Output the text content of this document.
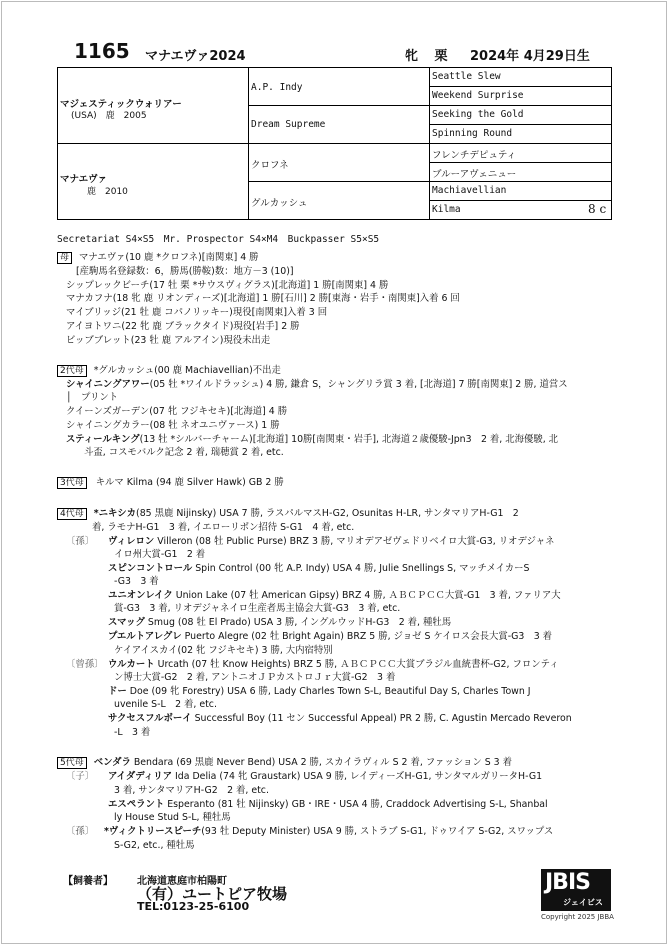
1165 マナエヴァ2024	牝 栗 2024年 4月29日生
マジェスティックウォリアー
(USA)　鹿　2005
マナエヴァ
鹿　2010
A.P. Indy
Dream Supreme
クロフネ
グルカッシュ
Seattle Slew
Weekend Surprise
Seeking the Gold
Spinning Round
フレンチデピュティ
ブルーアヴェニュー
Machiavellian
Kilma	8 c
Secretariat S4×S5　Mr. Prospector S4×M4　Buckpasser S5×S5
母 マナエヴァ(10 鹿 *クロフネ)[南関東] 4 勝
[産駒馬名登録数：6，勝馬(勝鞍)数：地方－3 (10)]
シップレックビーチ(17 牡 栗 *サウスヴィグラス)[北海道] 1 勝[南関東] 4 勝
マナカフナ(18 牝 鹿 リオンディーズ)[北海道] 1 勝[石川] 2 勝[東海・岩手・南関東]入着 6 回
マイブリッジ(21 牡 鹿 コパノリッキー)現役[南関東]入着 3 回
アイヨトワニ(22 牝 鹿 ブラックタイド)現役[岩手] 2 勝
ビッブブレット(23 牡 鹿 アルアイン)現役未出走
2代母 *グルカッシュ(00 鹿 Machiavellian)不出走
シャイニングアワー(05 牡 *ワイルドラッシュ) 4 勝, 鎌倉 S，シャングリラ賞 3 着, [北海道] 7 勝[南関東] 2 勝, 道営ス
│　プリント
クイーンズガーデン(07 牝 フジキセキ)[北海道] 4 勝
シャイニングカラー(08 牡 ネオユニヴァース) 1 勝
スティールキング(13 牡 *シルバーチャーム)[北海道] 10勝[南関東・岩手], 北海道２歳優駿-Jpn3　2 着, 北海優駿, 北
斗盃, コスモバルク記念 2 着, 瑞穂賞 2 着, etc.
3代母 キルマ Kilma (94 鹿 Silver Hawk) GB 2 勝
4代母 *ニキシカ(85 黒鹿 Nijinsky) USA 7 勝, ラスパルマスH-G2, Osunitas H-LR, サンタマリアH-G1　2
着, ラモナH-G1　3 着, イエローリボン招待 S-G1　4 着, etc.
〔孫〕 ヴィレロン Villeron (08 牡 Public Purse) BRZ 3 勝, マリオデアゼヴェドリベイロ大賞-G3, リオデジャネ
イロ州大賞-G1　2 着
スピンコントロール Spin Control (00 牝 A.P. Indy) USA 4 勝, Julie Snellings S, マッチメイカーS
-G3　3 着
ユニオンレイク Union Lake (07 牡 American Gipsy) BRZ 4 勝, ＡＢＣＰＣＣ大賞-G1　3 着, ファリア大
賞-G3　3 着, リオデジャネイロ生産者馬主協会大賞-G3　3 着, etc.
スマッグ Smug (08 牡 El Prado) USA 3 勝, イングルウッドH-G3　2 着, 種牡馬
プエルトアレグレ Puerto Alegre (02 牡 Bright Again) BRZ 5 勝, ジョゼ S ケイロス会長大賞-G3　3 着
ケイアイスカイ(02 牝 フジキセキ) 3 勝, 大内宿特別
〔曾孫〕 ウルカート Urcath (07 牡 Know Heights) BRZ 5 勝, ＡＢＣＰＣＣ大賞ブラジル血統書杯-G2, フロンティ
ン博士大賞-G2　2 着, アントニオＪＰカストロＪｒ大賞-G2　3 着
ドー Doe (09 牝 Forestry) USA 6 勝, Lady Charles Town S-L, Beautiful Day S, Charles Town J
uvenile S-L　2 着, etc.
サクセスフルボーイ Successful Boy (11 セン Successful Appeal) PR 2 勝, C. Agustin Mercado Reveron
-L　3 着
5代母 ベンダラ Bendara (69 黒鹿 Never Bend) USA 2 勝, スカイラヴィル S 2 着, ファッション S 3 着
〔子〕 アイダディリア Ida Delia (74 牝 Graustark) USA 9 勝, レイディーズH-G1, サンタマルガリータH-G1
3 着, サンタマリアH-G2　2 着, etc.
エスペラント Esperanto (81 牡 Nijinsky) GB・IRE・USA 4 勝, Craddock Advertising S-L, Shanbal
ly House Stud S-L, 種牡馬
〔孫〕 *ヴィクトリースピーチ(93 牡 Deputy Minister) USA 9 勝, ストラブ S-G1, ドゥワイア S-G2, スワップス
S-G2, etc., 種牡馬
【飼養者】 北海道恵庭市柏陽町
（有）ユートピア牧場
TEL:0123-25-6100
JBIS
ジェイビス
Copyright 2025 JBBA
